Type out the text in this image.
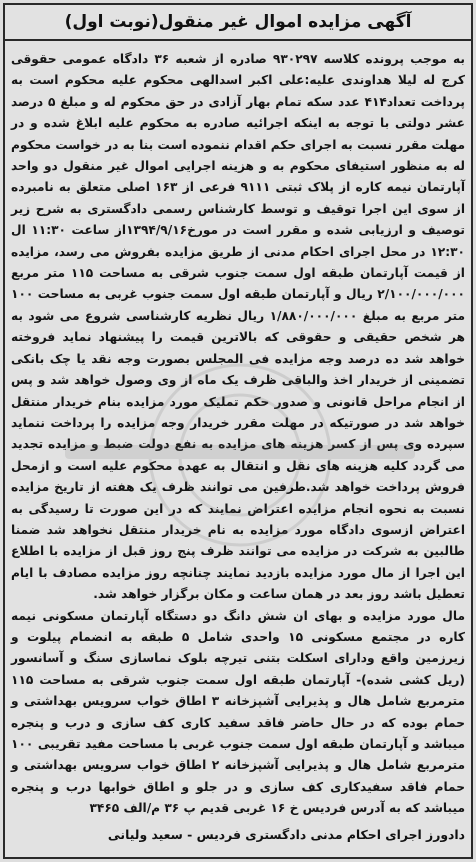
آگهی مزایده اموال غیر منقول(نوبت اول)

به موجب پرونده کلاسه ۹۳۰۲۹۷ صادره از شعبه ۳۶ دادگاه عمومی حقوقی کرج له لیلا هداوندی علیه:علی اکبر اسدالهی محکوم علیه محکوم است به پرداخت تعداد۴۱۴ عدد سکه تمام بهار آزادی در حق محکوم له و مبلغ ۵ درصد عشر دولتی با توجه به اینکه اجرائیه صادره به محکوم علیه ابلاغ شده و در مهلت مقرر نسبت به اجرای حکم اقدام ننموده است بنا به در خواست محکوم له به منظور استیفای محکوم به و هزینه اجرایی اموال غیر منقول دو واحد آپارتمان نیمه کاره از پلاک ثبتی ۹۱۱۱ فرعی از ۱۶۳ اصلی متعلق به نامبرده از سوی این اجرا توقیف و توسط کارشناس رسمی دادگستری به شرح زیر توصیف و ارزیابی شده و مقرر است در مورخ۱۳۹۴/۹/۱۶از ساعت ۱۱:۳۰ ال ۱۲:۳۰ در محل اجرای احکام مدنی از طریق مزایده بفروش می رسد، مزایده از قیمت آپارتمان طبقه اول سمت جنوب شرقی به مساحت ۱۱۵ متر مربع ۲/۱۰۰/۰۰۰/۰۰۰ ریال و آپارتمان طبقه اول سمت جنوب غربی به مساحت ۱۰۰ متر مربع به مبلغ ۱/۸۸۰/۰۰۰/۰۰۰ ریال نظریه کارشناسی شروع می شود به هر شخص حقیقی و حقوقی که بالاترین قیمت را پیشنهاد نماید فروخته خواهد شد ده درصد وجه مزایده فی المجلس بصورت وجه نقد یا چک بانکی تضمینی از خریدار اخذ والباقی ظرف یک ماه از وی وصول خواهد شد و پس از انجام مراحل قانونی و صدور حکم تملیک مورد مزایده بنام خریدار منتقل خواهد شد در صورتیکه در مهلت مقرر خریدار وجه مزایده را پرداخت ننماید سپرده وی پس از کسر هزینه های مزایده به نفع دولت ضبط و مزایده تجدید می گردد کلیه هزینه های نقل و انتقال به عهده محکوم علیه است و ازمحل فروش پرداخت خواهد شد.طرفین می توانند ظرف یک هفته از تاریخ مزایده نسبت به نحوه انجام مزایده اعتراض نمایند که در این صورت تا رسیدگی به اعتراض ازسوی دادگاه مورد مزایده به نام خریدار منتقل نخواهد شد ضمنا طالبین به شرکت در مزایده می توانند ظرف پنج روز قبل از مزایده با اطلاع این اجرا از مال مورد مزایده بازدید نمایند چنانچه روز مزایده مصادف با ایام تعطیل باشد روز بعد در همان ساعت و مکان برگزار خواهد شد.

مال مورد مزایده و بهای ان شش دانگ دو دستگاه آپارتمان مسکونی نیمه کاره در مجتمع مسکونی ۱۵ واحدی شامل ۵ طبقه به انضمام پیلوت و زیرزمین واقع ودارای اسکلت بتنی تیرچه بلوک نماسازی سنگ و آسانسور (ریل کشی شده)- آپارتمان طبقه اول سمت جنوب شرقی به مساحت ۱۱۵ مترمربع شامل هال و پذیرایی آشپزخانه ۳ اطاق خواب سرویس بهداشتی و حمام بوده که در حال حاضر فاقد سفید کاری کف سازی و درب و پنجره میباشد و آپارتمان طبقه اول سمت جنوب غربی با مساحت مفید تقریبی ۱۰۰ مترمربع شامل هال و پذیرایی آشپزخانه ۲ اطاق خواب سرویس بهداشتی و حمام فاقد سفیدکاری کف سازی و در جلو و اطاق خوابها درب و پنجره میباشد که به آدرس فردیس خ ۱۶ غربی قدیم پ ۳۶ م/الف ۳۴۶۵

دادورز اجرای احکام مدنی دادگستری فردیس - سعید ولیانی
